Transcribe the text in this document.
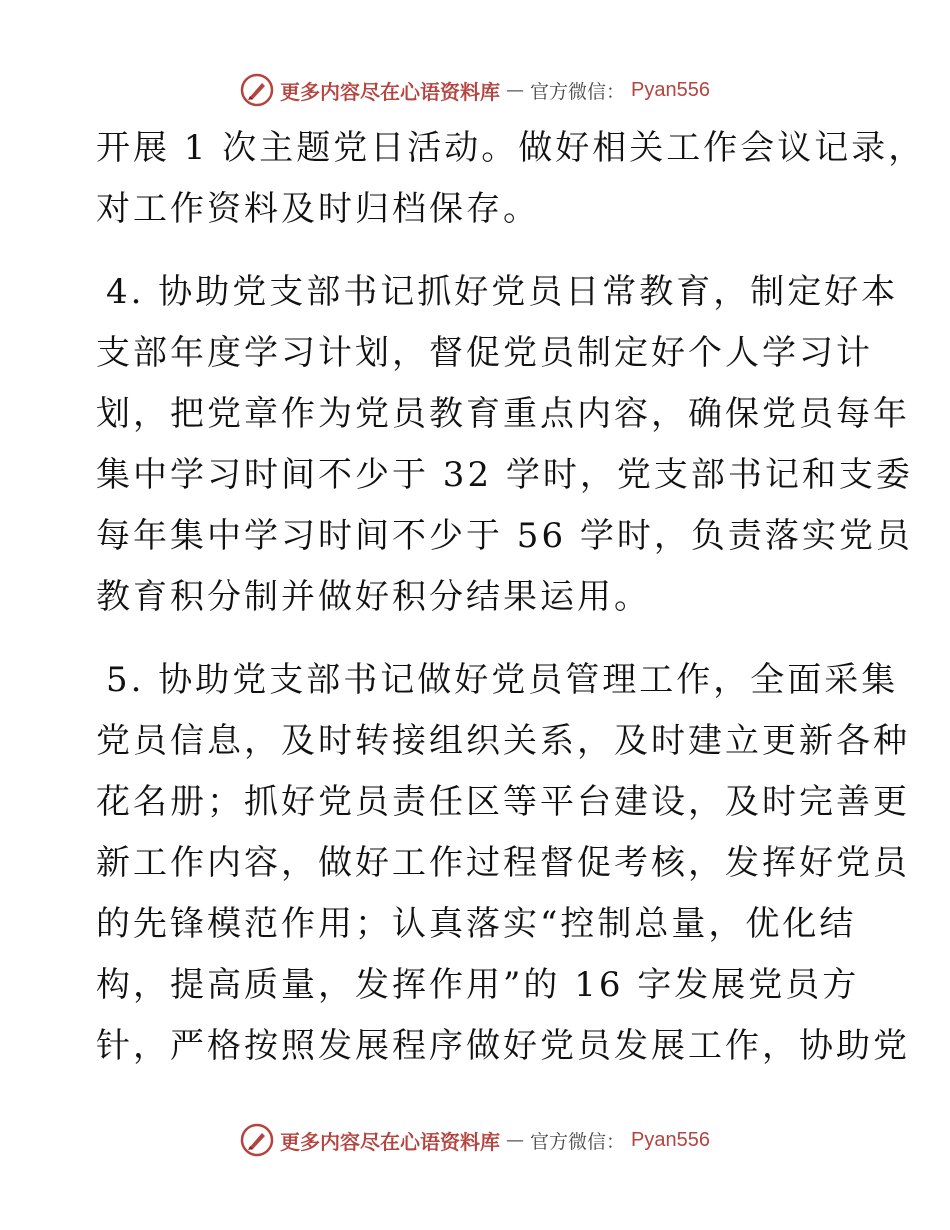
更多内容尽在心语资料库 — 官方微信： Pyan556
开展 1 次主题党日活动。做好相关工作会议记录，
对工作资料及时归档保存。
4. 协助党支部书记抓好党员日常教育，制定好本
支部年度学习计划，督促党员制定好个人学习计
划，把党章作为党员教育重点内容，确保党员每年
集中学习时间不少于 32 学时，党支部书记和支委
每年集中学习时间不少于 56 学时，负责落实党员
教育积分制并做好积分结果运用。
5. 协助党支部书记做好党员管理工作，全面采集
党员信息，及时转接组织关系，及时建立更新各种
花名册；抓好党员责任区等平台建设，及时完善更
新工作内容，做好工作过程督促考核，发挥好党员
的先锋模范作用；认真落实“控制总量，优化结
构，提高质量，发挥作用”的 16 字发展党员方
针，严格按照发展程序做好党员发展工作，协助党
更多内容尽在心语资料库 — 官方微信： Pyan556
